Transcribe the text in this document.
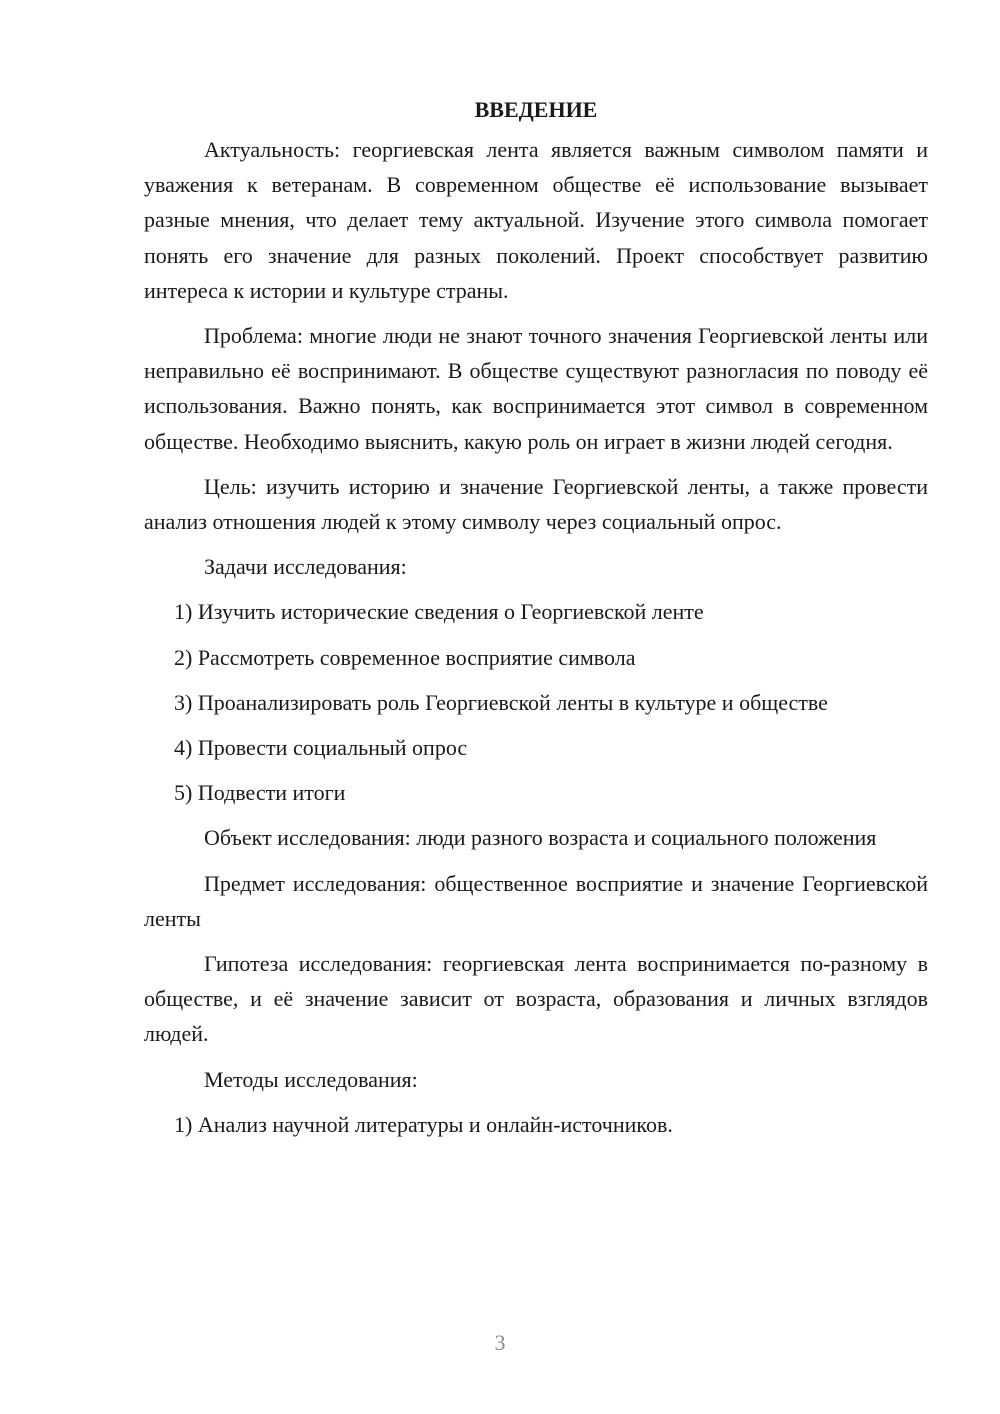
ВВЕДЕНИЕ

Актуальность: георгиевская лента является важным символом памяти и уважения к ветеранам. В современном обществе её использование вызывает разные мнения, что делает тему актуальной. Изучение этого символа помогает понять его значение для разных поколений. Проект способствует развитию интереса к истории и культуре страны.

Проблема: многие люди не знают точного значения Георгиевской ленты или неправильно её воспринимают. В обществе существуют разногласия по поводу её использования. Важно понять, как воспринимается этот символ в современном обществе. Необходимо выяснить, какую роль он играет в жизни людей сегодня.

Цель: изучить историю и значение Георгиевской ленты, а также провести анализ отношения людей к этому символу через социальный опрос.

Задачи исследования:

1) Изучить исторические сведения о Георгиевской ленте
2) Рассмотреть современное восприятие символа
3) Проанализировать роль Георгиевской ленты в культуре и обществе
4) Провести социальный опрос
5) Подвести итоги

Объект исследования: люди разного возраста и социального положения

Предмет исследования: общественное восприятие и значение Георгиевской ленты

Гипотеза исследования: георгиевская лента воспринимается по-разному в обществе, и её значение зависит от возраста, образования и личных взглядов людей.

Методы исследования:

1) Анализ научной литературы и онлайн-источников.
3
